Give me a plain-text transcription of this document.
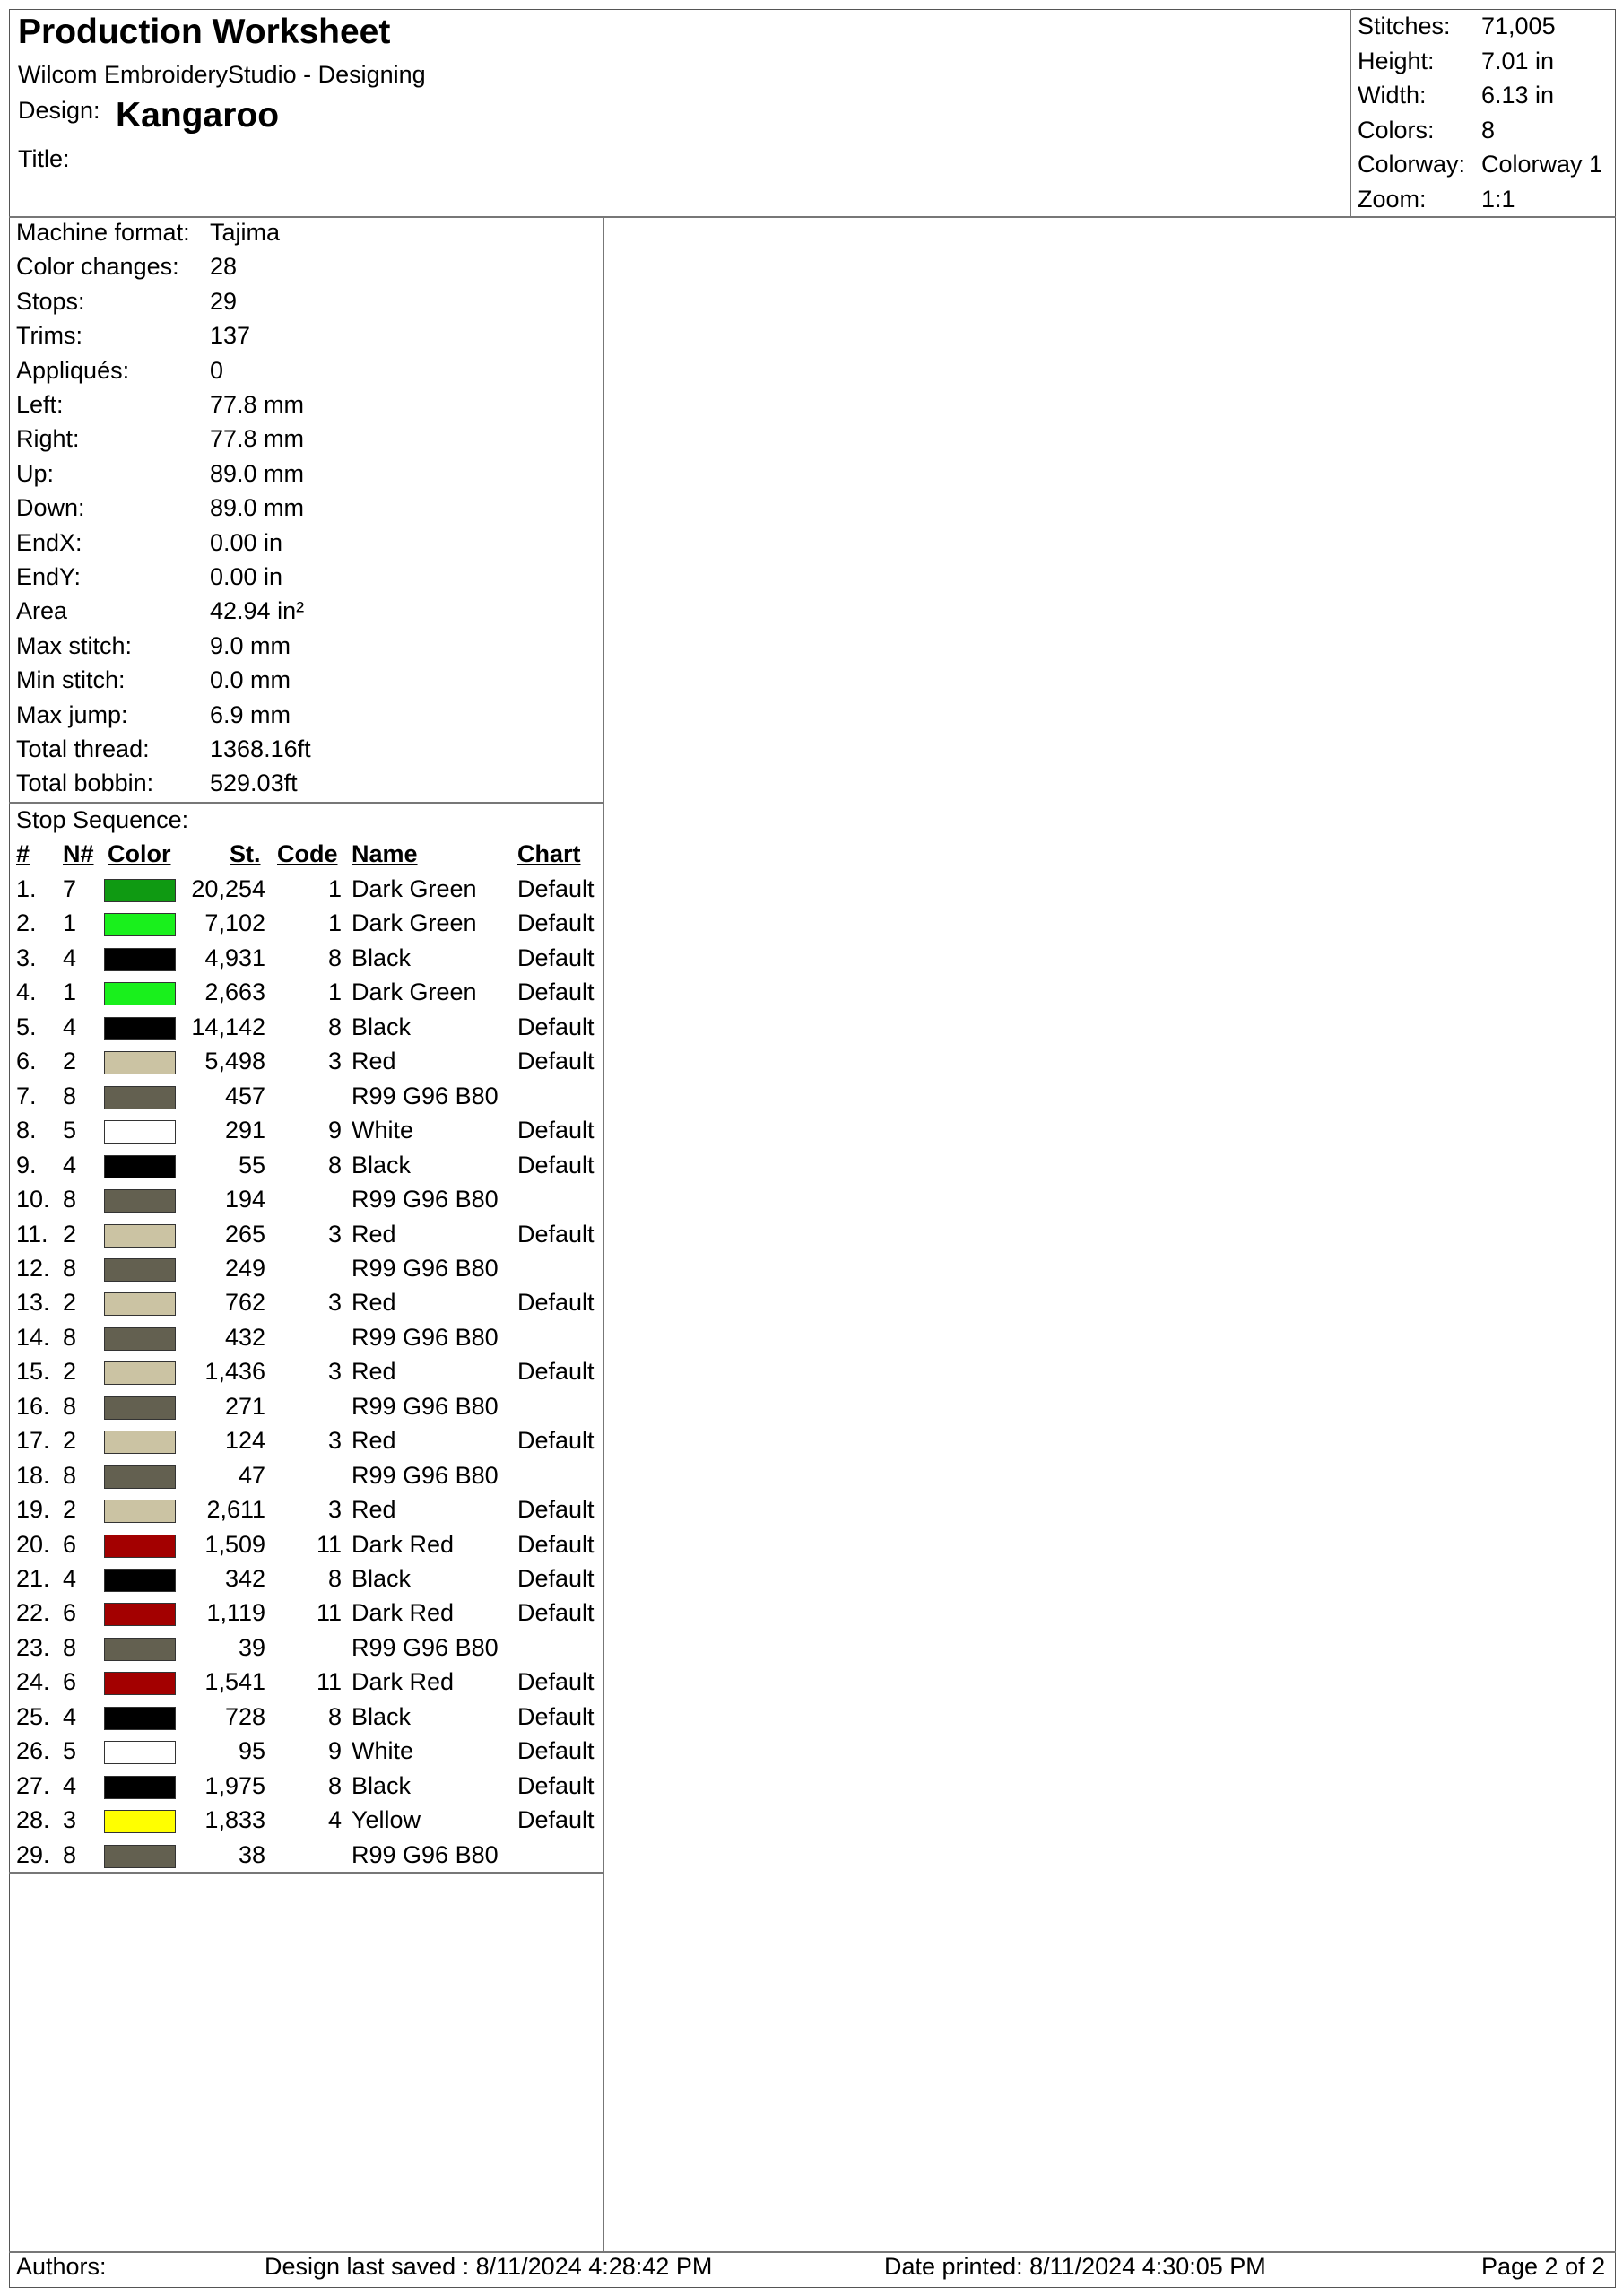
Production Worksheet
Wilcom EmbroideryStudio - Designing
Design: Kangaroo
Title:
Stitches: 71,005
Height: 7.01 in
Width: 6.13 in
Colors: 8
Colorway: Colorway 1
Zoom: 1:1
Machine format: Tajima
Color changes: 28
Stops:	29
Trims:	137
Appliqués:	0
Left:	77.8 mm
Right:	77.8 mm
Up:	89.0 mm
Down:	89.0 mm
EndX:	0.00 in
EndY:	0.00 in
Area	42.94 in²
Max stitch:	9.0 mm
Min stitch:	0.0 mm
Max jump:	6.9 mm
Total thread: 1368.16ft
Total bobbin: 529.03ft
Stop Sequence:
# N# Color St. Code Name	Chart
1. 7	20,254	1 Dark Green Default
2. 1	7,102	1 Dark Green Default
3. 4	4,931	8 Black	Default
4. 1	2,663	1 Dark Green Default
5. 4	14,142	8 Black	Default
6. 2	5,498	3 Red	Default
7. 8	457	R99 G96 B80
8. 5	291	9 White	Default
9. 4	55	8 Black	Default
10. 8	194	R99 G96 B80
11. 2	265	3 Red	Default
12. 8	249	R99 G96 B80
13. 2	762	3 Red	Default
14. 8	432	R99 G96 B80
15. 2	1,436	3 Red	Default
16. 8	271	R99 G96 B80
17. 2	124	3 Red	Default
18. 8	47	R99 G96 B80
19. 2	2,611	3 Red	Default
20. 6	1,509	11 Dark Red	Default
21. 4	342	8 Black	Default
22. 6	1,119	11 Dark Red	Default
23. 8	39	R99 G96 B80
24. 6	1,541	11 Dark Red	Default
25. 4	728	8 Black	Default
26. 5	95	9 White	Default
27. 4	1,975	8 Black	Default
28. 3	1,833	4 Yellow	Default
29. 8	38	R99 G96 B80
Authors:	Design last saved : 8/11/2024 4:28:42 PM	Date printed: 8/11/2024 4:30:05 PM	Page 2 of 2
